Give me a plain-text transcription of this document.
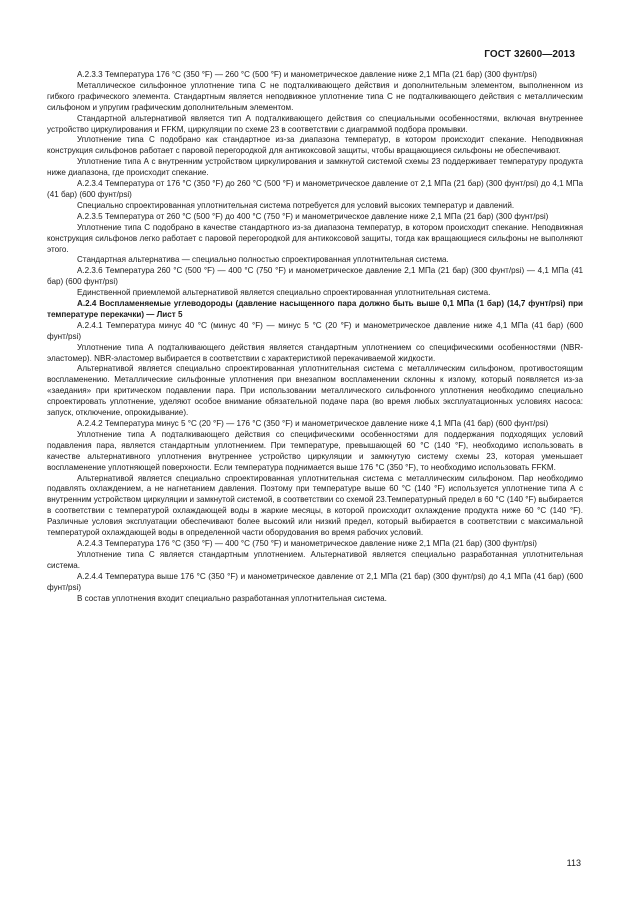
ГОСТ 32600—2013

А.2.3.3 Температура 176 °С (350 °F) — 260 °С (500 °F) и манометрическое давление ниже 2,1 МПа (21 бар) (300 фунт/psi)

Металлическое сильфонное уплотнение типа С не подталкивающего действия и дополнительным элементом, выполненном из гибкого графического элемента. Стандартным является неподвижное уплотнение типа С не подталкивающего действия с металлическим сильфоном и упругим графическим дополнительным элементом.

Стандартной альтернативой является тип А подталкивающего действия со специальными особенностями, включая внутреннее устройство циркулирования и FFKM, циркуляции по схеме 23 в соответствии с диаграммой подбора промывки.

Уплотнение типа С подобрано как стандартное из-за диапазона температур, в котором происходит спекание. Неподвижная конструкция сильфонов работает с паровой перегородкой для антикоксовой защиты, чтобы вращающиеся сильфоны не обеспечивают.

Уплотнение типа А с внутренним устройством циркулирования и замкнутой системой схемы 23 поддерживает температуру продукта ниже диапазона, где происходит спекание.

А.2.3.4 Температура от 176 °С (350 °F) до 260 °С (500 °F) и манометрическое давление от 2,1 МПа (21 бар) (300 фунт/psi) до 4,1 МПа (41 бар) (600 фунт/psi)

Специально спроектированная уплотнительная система потребуется для условий высоких температур и давлений.

А.2.3.5 Температура от 260 °С (500 °F) до 400 °С (750 °F) и манометрическое давление ниже 2,1 МПа (21 бар) (300 фунт/psi)

Уплотнение типа С подобрано в качестве стандартного из-за диапазона температур, в котором происходит спекание. Неподвижная конструкция сильфонов легко работает с паровой перегородкой для антикоксовой защиты, тогда как вращающиеся сильфоны не выполняют этого.

Стандартная альтернатива — специально полностью спроектированная уплотнительная система.

А.2.3.6 Температура 260 °С (500 °F) — 400 °С (750 °F) и манометрическое давление 2,1 МПа (21 бар) (300 фунт/psi) — 4,1 МПа (41 бар) (600 фунт/psi)

Единственной приемлемой альтернативой является специально спроектированная уплотнительная система.

А.2.4 Воспламеняемые углеводороды (давление насыщенного пара должно быть выше 0,1 МПа (1 бар) (14,7 фунт/psi) при температуре перекачки) — Лист 5

А.2.4.1 Температура минус 40 °С (минус 40 °F) — минус 5 °С (20 °F) и манометрическое давление ниже 4,1 МПа (41 бар) (600 фунт/psi)

Уплотнение типа А подталкивающего действия является стандартным уплотнением со специфическими особенностями (NBR-эластомер). NBR-эластомер выбирается в соответствии с характеристикой перекачиваемой жидкости.

Альтернативой является специально спроектированная уплотнительная система с металлическим сильфоном, противостоящим воспламенению. Металлические сильфонные уплотнения при внезапном воспламенении склонны к излому, который появляется из-за «заедания» при критическом подавлении пара. При использовании металлического сильфонного уплотнения необходимо специально спроектировать уплотнение, уделяют особое внимание обязательной подаче пара (во время любых эксплуатационных условиях насоса: запуск, отключение, опрокидывание).

А.2.4.2 Температура минус 5 °С (20 °F) — 176 °С (350 °F) и манометрическое давление ниже 4,1 МПа (41 бар) (600 фунт/psi)

Уплотнение типа А подталкивающего действия со специфическими особенностями для поддержания подходящих условий подавления пара, является стандартным уплотнением. При температуре, превышающей 60 °С (140 °F), необходимо использовать в качестве альтернативного уплотнения внутреннее устройство циркуляции и замкнутую систему схемы 23, которая уменьшает воспламенение уплотняющей поверхности. Если температура поднимается выше 176 °С (350 °F), то необходимо использовать FFKM.

Альтернативой является специально спроектированная уплотнительная система с металлическим сильфоном. Пар необходимо подавлять охлаждением, а не нагнетанием давления. Поэтому при температуре выше 60 °С (140 °F) используется уплотнение типа А с внутренним устройством циркуляции и замкнутой системой, в соответствии со схемой 23.Температурный предел в 60 °С (140 °F) выбирается в соответствии с температурой охлаждающей воды в жаркие месяцы, в которой происходит охлаждение продукта ниже 60 °С (140 °F). Различные условия эксплуатации обеспечивают более высокий или низкий предел, который выбирается в соответствии с максимальной температурой охлаждающей воды в определенной части оборудования во время рабочих условий.

А.2.4.3 Температура 176 °С (350 °F) — 400 °С (750 °F) и манометрическое давление ниже 2,1 МПа (21 бар) (300 фунт/psi)

Уплотнение типа С является стандартным уплотнением. Альтернативой является специально разработанная уплотнительная система.

А.2.4.4 Температура выше 176 °С (350 °F) и манометрическое давление от 2,1 МПа (21 бар) (300 фунт/psi) до 4,1 МПа (41 бар) (600 фунт/psi)

В состав уплотнения входит специально разработанная уплотнительная система.

113
